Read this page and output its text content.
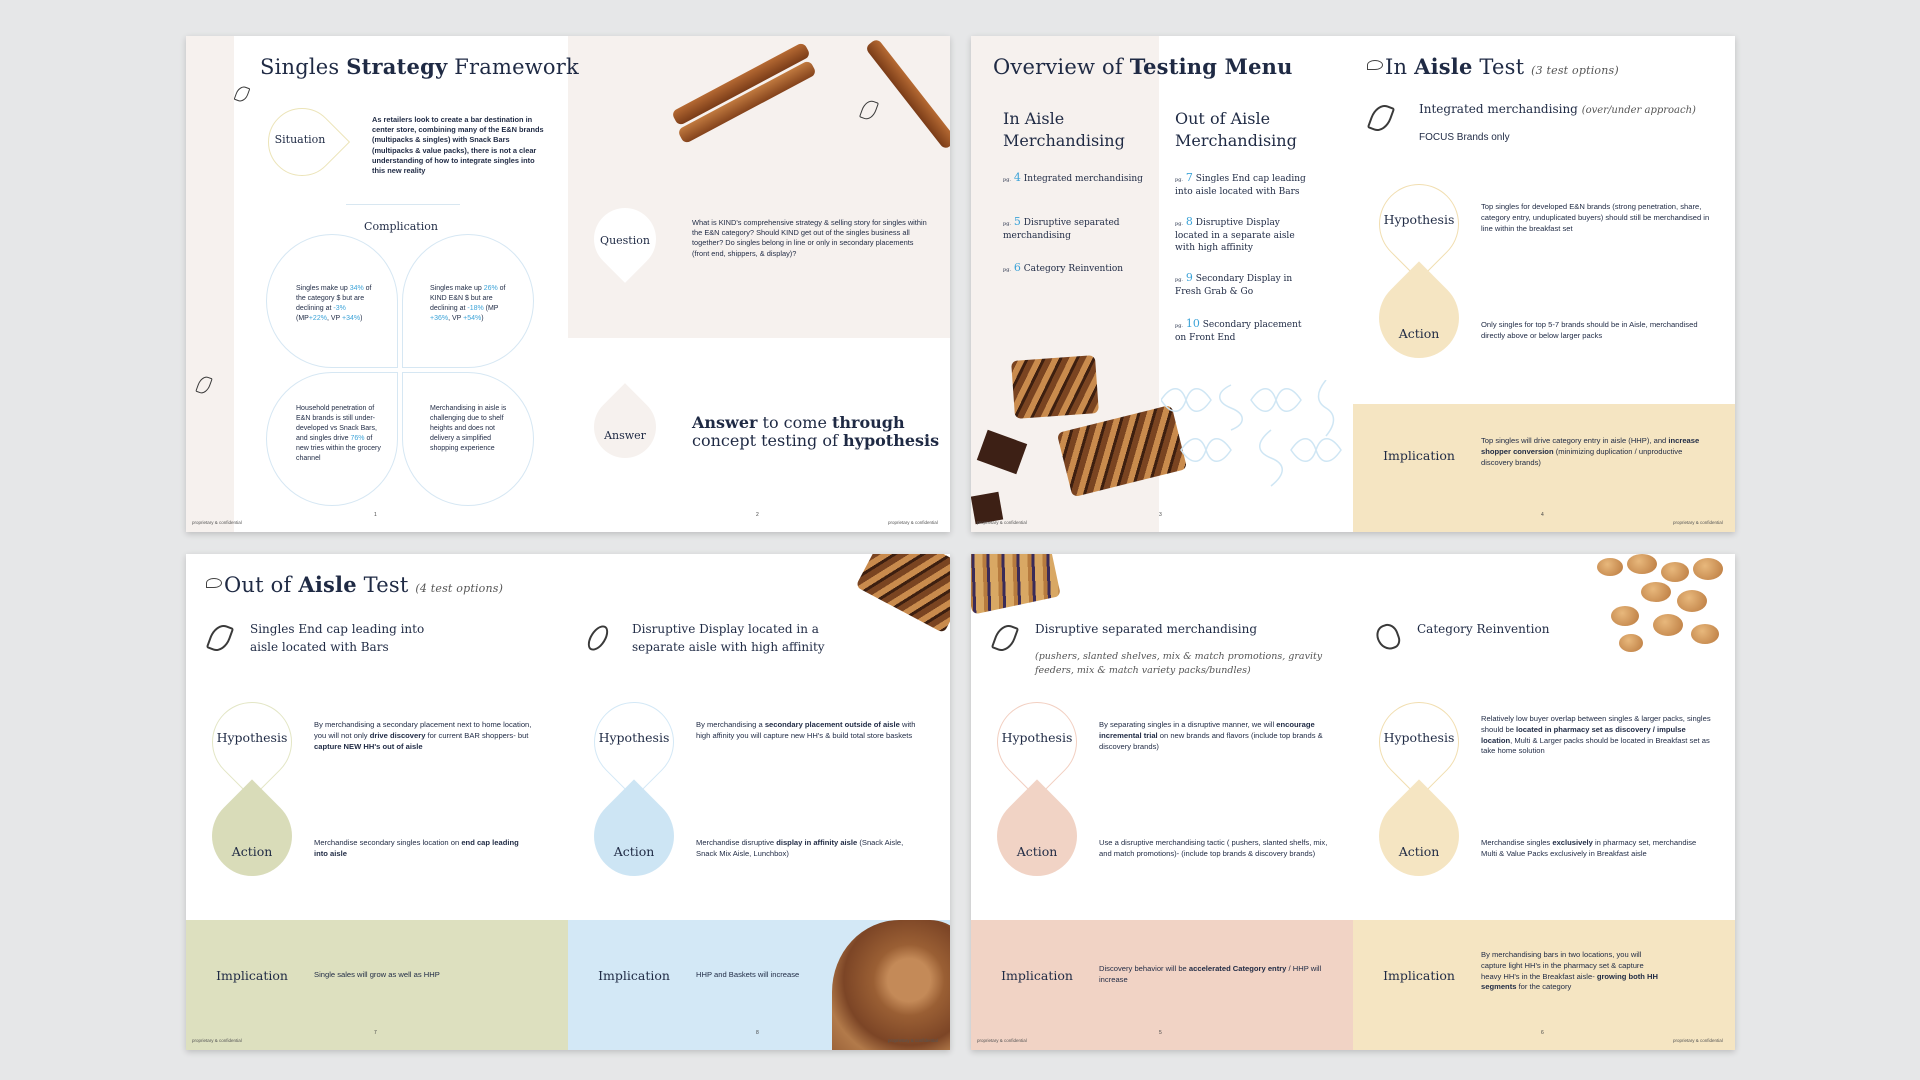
Singles Strategy Framework
Situation
As retailers look to create a bar destination in center store, combining many of the E&N brands (multipacks & singles) with Snack Bars (multipacks & value packs), there is not a clear understanding of how to integrate singles into this new reality
Complication
Singles make up 34% of the category $ but are declining at -3% (MP+22%, VP +34%)
Singles make up 26% of KIND E&N $ but are declining at -18% (MP +36%, VP +54%)
Household penetration of E&N brands is still under-developed vs Snack Bars, and singles drive 76% of new tries within the grocery channel
Merchandising in aisle is challenging due to shelf heights and does not delivery a simplified shopping experience
Question
What is KIND's comprehensive strategy & selling story for singles within the E&N category? Should KIND get out of the singles business all together? Do singles belong in line or only in secondary placements (front end, shippers, & display)?
Answer
Answer to come through
concept testing of hypothesis
proprietary & confidential
1	2
proprietary & confidential
Overview of Testing Menu
In Aisle Merchandising
Out of Aisle Merchandising
pg. 4 Integrated merchandising
pg. 5 Disruptive separated merchandising
pg. 6 Category Reinvention
pg. 7 Singles End cap leading into aisle located with Bars
pg. 8 Disruptive Display located in a separate aisle with high affinity
pg. 9 Secondary Display in Fresh Grab & Go
pg. 10 Secondary placement on Front End
In Aisle Test (3 test options)
Integrated merchandising (over/under approach)
FOCUS Brands only
Hypothesis
Top singles for developed E&N brands (strong penetration, share, category entry, unduplicated buyers) should still be merchandised in line within the breakfast set
Action
Only singles for top 5-7 brands should be in Aisle, merchandised directly above or below larger packs
Implication
Top singles will drive category entry in aisle (HHP), and increase shopper conversion (minimizing duplication / unproductive discovery brands)
proprietary & confidential
3	4
proprietary & confidential
Out of Aisle Test (4 test options)
Singles End cap leading into aisle located with Bars
Hypothesis
By merchandising a secondary placement next to home location, you will not only drive discovery for current BAR shoppers- but capture NEW HH's out of aisle
Action
Merchandise secondary singles location on end cap leading into aisle
Implication	Single sales will grow as well as HHP
Disruptive Display located in a separate aisle with high affinity
Hypothesis
By merchandising a secondary placement outside of aisle with high affinity you will capture new HH's & build total store baskets
Action
Merchandise disruptive display in affinity aisle (Snack Aisle, Snack Mix Aisle, Lunchbox)
Implication	HHP and Baskets will increase
proprietary & confidential
7	8
proprietary & confidential
Disruptive separated merchandising
(pushers, slanted shelves, mix & match promotions, gravity feeders, mix & match variety packs/bundles)
Hypothesis
By separating singles in a disruptive manner, we will encourage incremental trial on new brands and flavors (include top brands & discovery brands)
Action
Use a disruptive merchandising tactic ( pushers, slanted shelfs, mix, and match promotions)- (include top brands & discovery brands)
Implication	Discovery behavior will be accelerated Category entry / HHP will increase
Category Reinvention
Hypothesis
Relatively low buyer overlap between singles & larger packs, singles should be located in pharmacy set as discovery / impulse location, Multi & Larger packs should be located in Breakfast set as take home solution
Action
Merchandise singles exclusively in pharmacy set, merchandise Multi & Value Packs exclusively in Breakfast aisle
Implication
By merchandising bars in two locations, you will capture light HH's in the pharmacy set & capture heavy HH's in the Breakfast aisle- growing both HH segments for the category
proprietary & confidential
5	6
proprietary & confidential
